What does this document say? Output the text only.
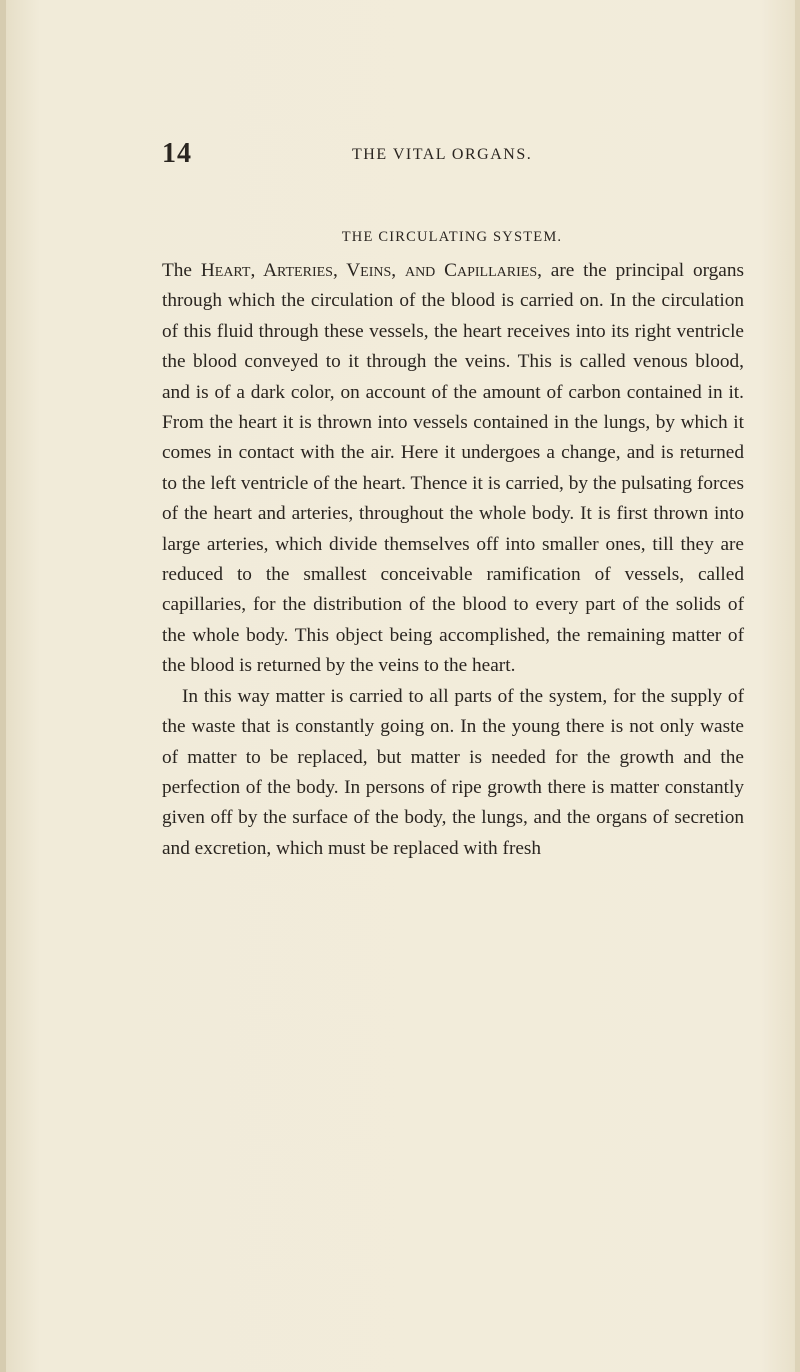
14	THE VITAL ORGANS.
THE CIRCULATING SYSTEM.

The Heart, Arteries, Veins, and Capillaries, are the principal organs through which the circulation of the blood is carried on. In the circulation of this fluid through these vessels, the heart receives into its right ventricle the blood conveyed to it through the veins. This is called venous blood, and is of a dark color, on account of the amount of carbon contained in it. From the heart it is thrown into vessels contained in the lungs, by which it comes in contact with the air. Here it undergoes a change, and is returned to the left ventricle of the heart. Thence it is carried, by the pulsating forces of the heart and arteries, throughout the whole body. It is first thrown into large arteries, which divide themselves off into smaller ones, till they are reduced to the smallest conceivable ramification of vessels, called capillaries, for the distribution of the blood to every part of the solids of the whole body. This object being accomplished, the remaining matter of the blood is returned by the veins to the heart.

In this way matter is carried to all parts of the system, for the supply of the waste that is constantly going on. In the young there is not only waste of matter to be replaced, but matter is needed for the growth and the perfection of the body. In persons of ripe growth there is matter constantly given off by the surface of the body, the lungs, and the organs of secretion and excretion, which must be replaced with fresh
